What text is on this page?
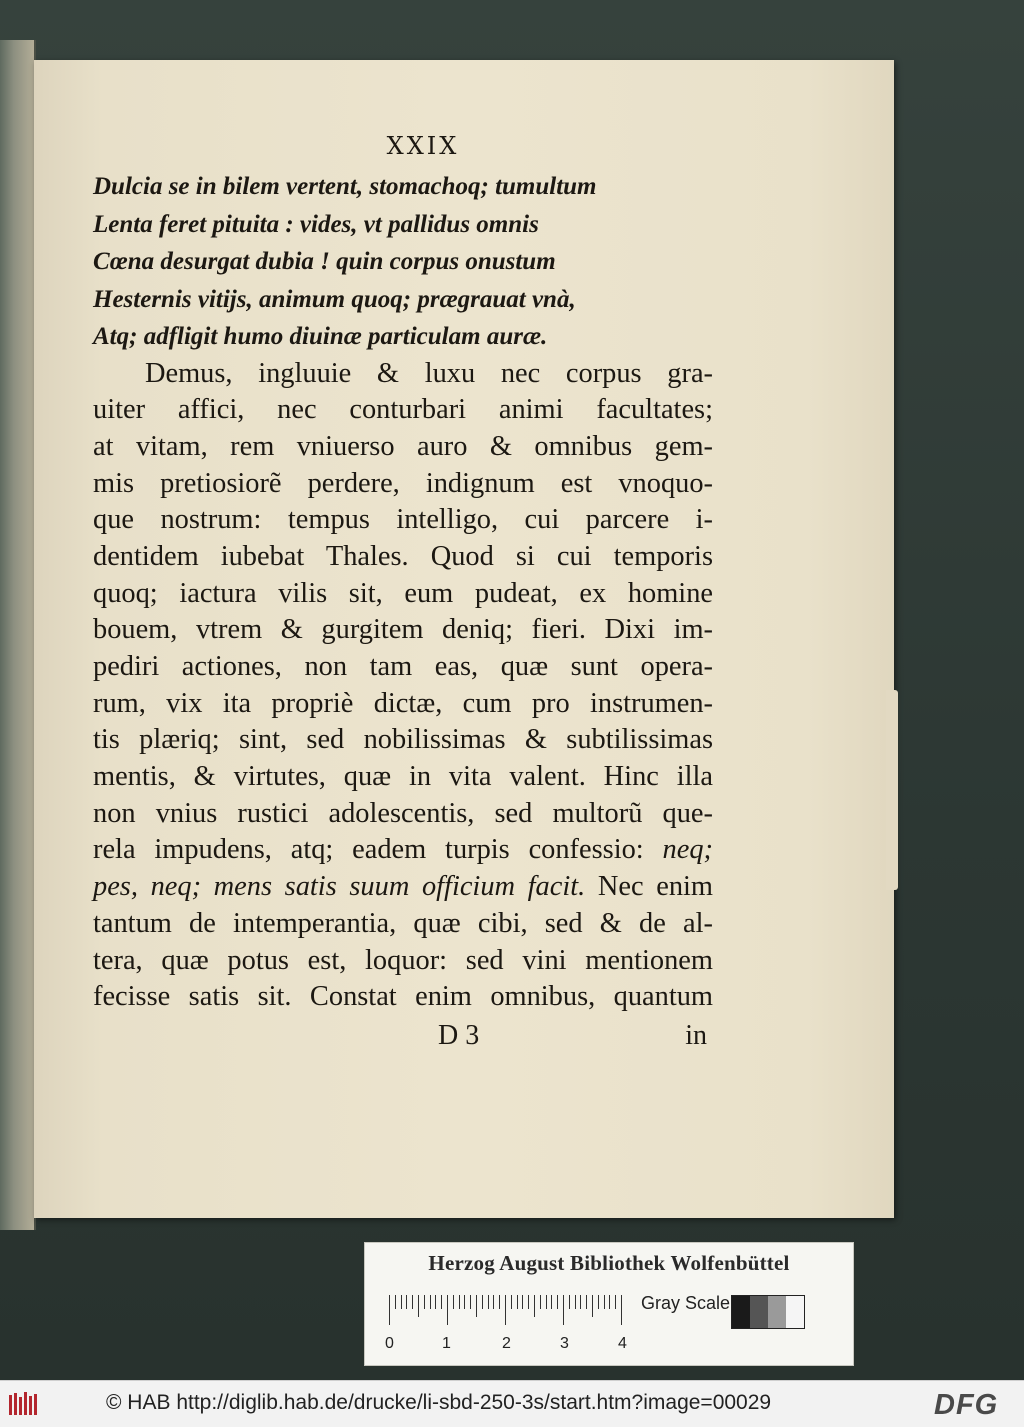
XXIX
Dulcia se in bilem vertent, stomachoq; tumultum
Lenta feret pituita : vides, vt pallidus omnis
Cœna desurgat dubia ! quin corpus onustum
Hesternis vitijs, animum quoq; prægrauat vnà,
Atq; adfligit humo diuinæ particulam auræ.
Demus, ingluuie & luxu nec corpus gra-
uiter affici, nec conturbari animi facultates;
at vitam, rem vniuerso auro & omnibus gem-
mis pretiosiorẽ perdere, indignum est vnoquo-
que nostrum: tempus intelligo, cui parcere i-
dentidem iubebat Thales. Quod si cui temporis
quoq; iactura vilis sit, eum pudeat, ex homine
bouem, vtrem & gurgitem deniq; fieri. Dixi im-
pediri actiones, non tam eas, quæ sunt opera-
rum, vix ita propriè dictæ, cum pro instrumen-
tis plæriq; sint, sed nobilissimas & subtilissimas
mentis, & virtutes, quæ in vita valent. Hinc illa
non vnius rustici adolescentis, sed multorũ que-
rela impudens, atq; eadem turpis confessio: neq;
pes, neq; mens satis suum officium facit. Nec enim
tantum de intemperantia, quæ cibi, sed & de al-
tera, quæ potus est, loquor: sed vini mentionem
fecisse satis sit. Constat enim omnibus, quantum
D 3	in
Herzog August Bibliothek Wolfenbüttel
0	1	2	3	4
Gray Scale
© HAB http://diglib.hab.de/drucke/li-sbd-250-3s/start.htm?image=00029	DFG
